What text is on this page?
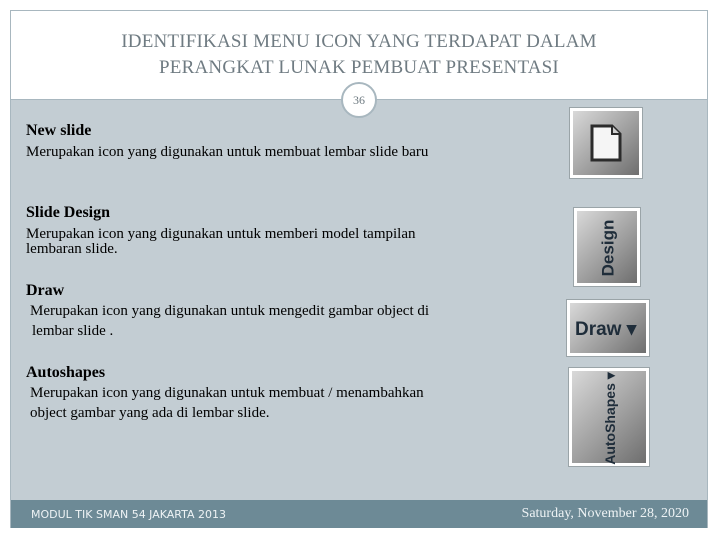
IDENTIFIKASI MENU ICON YANG TERDAPAT DALAM
PERANGKAT LUNAK PEMBUAT PRESENTASI
36
New slide
Merupakan icon yang digunakan untuk membuat lembar slide baru
Slide Design
Merupakan icon yang digunakan untuk memberi model tampilan
lembaran slide.	Design
Draw
Merupakan icon yang digunakan untuk mengedit gambar object di
lembar slide .	Draw ▾
Autoshapes
Merupakan icon yang digunakan untuk membuat / menambahkan
object gambar yang ada di lembar slide.	AutoShapes ▾
MODUL TIK SMAN 54 JAKARTA 2013	Saturday, November 28, 2020
